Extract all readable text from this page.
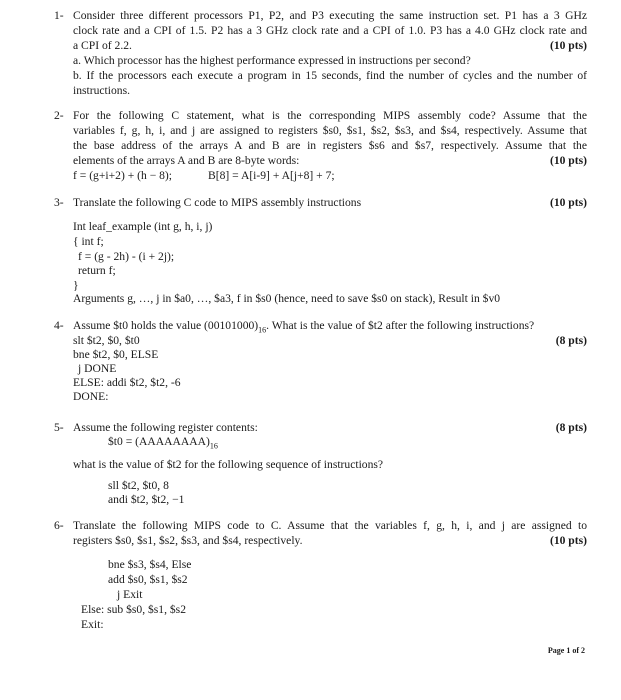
1- Consider three different processors P1, P2, and P3 executing the same instruction set. P1 has a 3 GHz
clock rate and a CPI of 1.5. P2 has a 3 GHz clock rate and a CPI of 1.0. P3 has a 4.0 GHz clock rate and
a CPI of 2.2.	(10 pts)
a. Which processor has the highest performance expressed in instructions per second?
b. If the processors each execute a program in 15 seconds, find the number of cycles and the number of
instructions.
2- For the following C statement, what is the corresponding MIPS assembly code? Assume that the
variables f, g, h, i, and j are assigned to registers $s0, $s1, $s2, $s3, and $s4, respectively. Assume that
the base address of the arrays A and B are in registers $s6 and $s7, respectively. Assume that the
elements of the arrays A and B are 8-byte words:	(10 pts)
f = (g+i+2) + (h − 8);	B[8] = A[i-9] + A[j+8] + 7;
3- Translate the following C code to MIPS assembly instructions	(10 pts)
Int leaf_example (int g, h, i, j)
{ int f;
f = (g - 2h) - (i + 2j);
return f;
}
Arguments g, …, j in $a0, …, $a3, f in $s0 (hence, need to save $s0 on stack), Result in $v0
4- Assume $t0 holds the value $(00101000)_{16}$. What is the value of $t2 after the following instructions?
(8 pts)
slt $t2, $0, $t0
bne $t2, $0, ELSE
j DONE
ELSE: addi $t2, $t2, -6
DONE:
5- Assume the following register contents:	(8 pts)
$t0 = $(AAAAAAAA)_{16}$
what is the value of $t2 for the following sequence of instructions?
sll $t2, $t0, 8
andi $t2, $t2, −1
6- Translate the following MIPS code to C. Assume that the variables f, g, h, i, and j are assigned to
registers $s0, $s1, $s2, $s3, and $s4, respectively.	(10 pts)
bne $s3, $s4, Else
add $s0, $s1, $s2
j Exit
Else: sub $s0, $s1, $s2
Exit:
Page 1 of 2
